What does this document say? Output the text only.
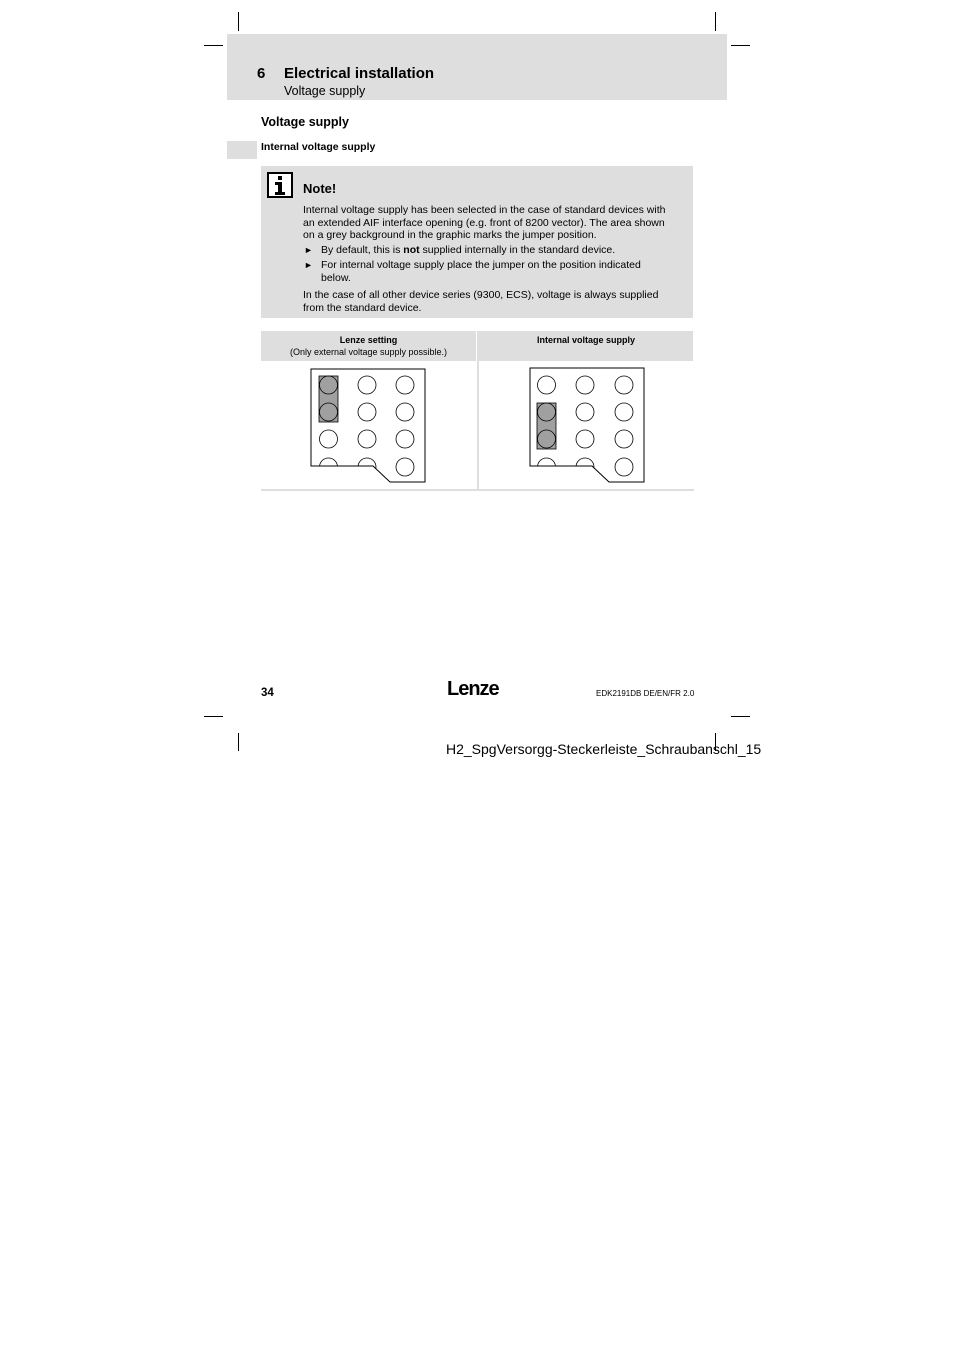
6 Electrical installation
Voltage supply
Voltage supply
Internal voltage supply
Note!
Internal voltage supply has been selected in the case of standard devices with
an extended AIF interface opening (e.g. front of 8200 vector). The area shown
on a grey background in the graphic marks the jumper position.
► By default, this is not supplied internally in the standard device.
► For internal voltage supply place the jumper on the position indicated
below.
In the case of all other device series (9300, ECS), voltage is always supplied
from the standard device.
Lenze setting
(Only external voltage supply possible.)
Internal voltage supply
34	Lenze	EDK2191DB DE/EN/FR 2.0
H2_SpgVersorgg-Steckerleiste_Schraubanschl_15
